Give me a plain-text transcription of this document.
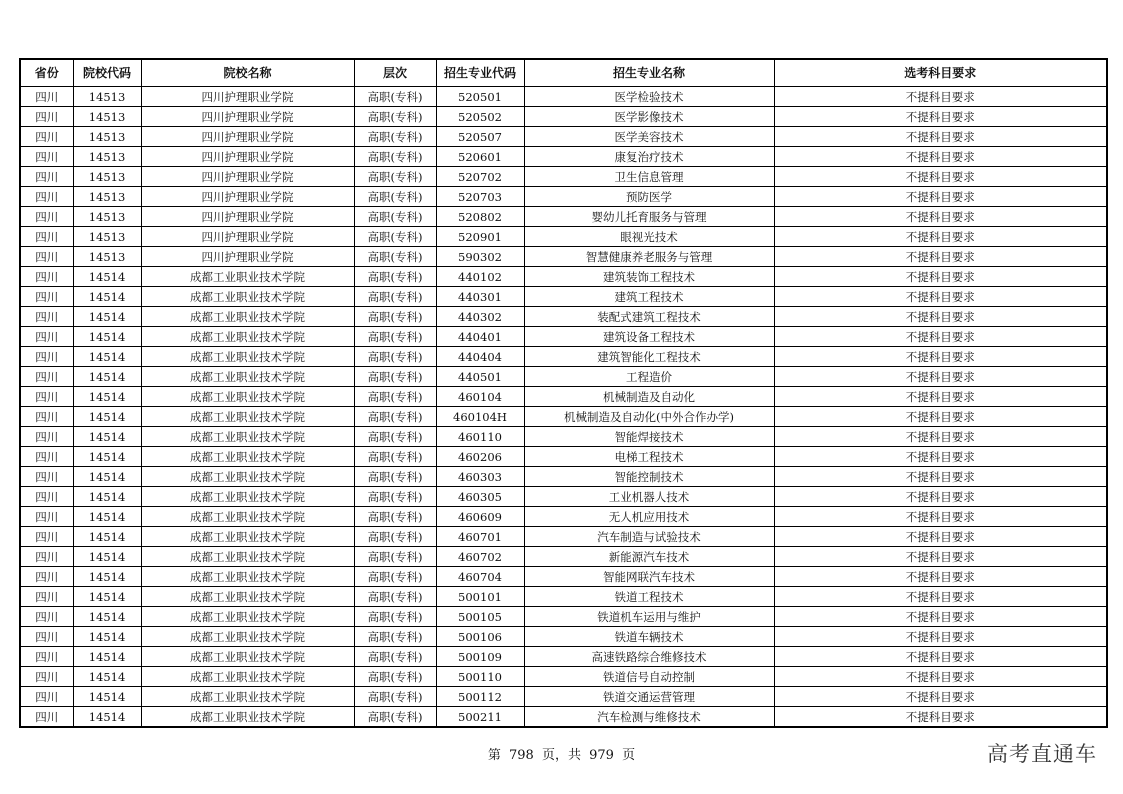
省份	院校代码	院校名称	层次	招生专业代码	招生专业名称	选考科目要求
四川	14513	四川护理职业学院	高职(专科)	520501	医学检验技术	不提科目要求
四川	14513	四川护理职业学院	高职(专科)	520502	医学影像技术	不提科目要求
四川	14513	四川护理职业学院	高职(专科)	520507	医学美容技术	不提科目要求
四川	14513	四川护理职业学院	高职(专科)	520601	康复治疗技术	不提科目要求
四川	14513	四川护理职业学院	高职(专科)	520702	卫生信息管理	不提科目要求
四川	14513	四川护理职业学院	高职(专科)	520703	预防医学	不提科目要求
四川	14513	四川护理职业学院	高职(专科)	520802	婴幼儿托育服务与管理	不提科目要求
四川	14513	四川护理职业学院	高职(专科)	520901	眼视光技术	不提科目要求
四川	14513	四川护理职业学院	高职(专科)	590302	智慧健康养老服务与管理	不提科目要求
四川	14514	成都工业职业技术学院	高职(专科)	440102	建筑装饰工程技术	不提科目要求
四川	14514	成都工业职业技术学院	高职(专科)	440301	建筑工程技术	不提科目要求
四川	14514	成都工业职业技术学院	高职(专科)	440302	装配式建筑工程技术	不提科目要求
四川	14514	成都工业职业技术学院	高职(专科)	440401	建筑设备工程技术	不提科目要求
四川	14514	成都工业职业技术学院	高职(专科)	440404	建筑智能化工程技术	不提科目要求
四川	14514	成都工业职业技术学院	高职(专科)	440501	工程造价	不提科目要求
四川	14514	成都工业职业技术学院	高职(专科)	460104	机械制造及自动化	不提科目要求
四川	14514	成都工业职业技术学院	高职(专科)	460104H	机械制造及自动化(中外合作办学)	不提科目要求
四川	14514	成都工业职业技术学院	高职(专科)	460110	智能焊接技术	不提科目要求
四川	14514	成都工业职业技术学院	高职(专科)	460206	电梯工程技术	不提科目要求
四川	14514	成都工业职业技术学院	高职(专科)	460303	智能控制技术	不提科目要求
四川	14514	成都工业职业技术学院	高职(专科)	460305	工业机器人技术	不提科目要求
四川	14514	成都工业职业技术学院	高职(专科)	460609	无人机应用技术	不提科目要求
四川	14514	成都工业职业技术学院	高职(专科)	460701	汽车制造与试验技术	不提科目要求
四川	14514	成都工业职业技术学院	高职(专科)	460702	新能源汽车技术	不提科目要求
四川	14514	成都工业职业技术学院	高职(专科)	460704	智能网联汽车技术	不提科目要求
四川	14514	成都工业职业技术学院	高职(专科)	500101	铁道工程技术	不提科目要求
四川	14514	成都工业职业技术学院	高职(专科)	500105	铁道机车运用与维护	不提科目要求
四川	14514	成都工业职业技术学院	高职(专科)	500106	铁道车辆技术	不提科目要求
四川	14514	成都工业职业技术学院	高职(专科)	500109	高速铁路综合维修技术	不提科目要求
四川	14514	成都工业职业技术学院	高职(专科)	500110	铁道信号自动控制	不提科目要求
四川	14514	成都工业职业技术学院	高职(专科)	500112	铁道交通运营管理	不提科目要求
四川	14514	成都工业职业技术学院	高职(专科)	500211	汽车检测与维修技术	不提科目要求
第 798 页，共 979 页	高考直通车
